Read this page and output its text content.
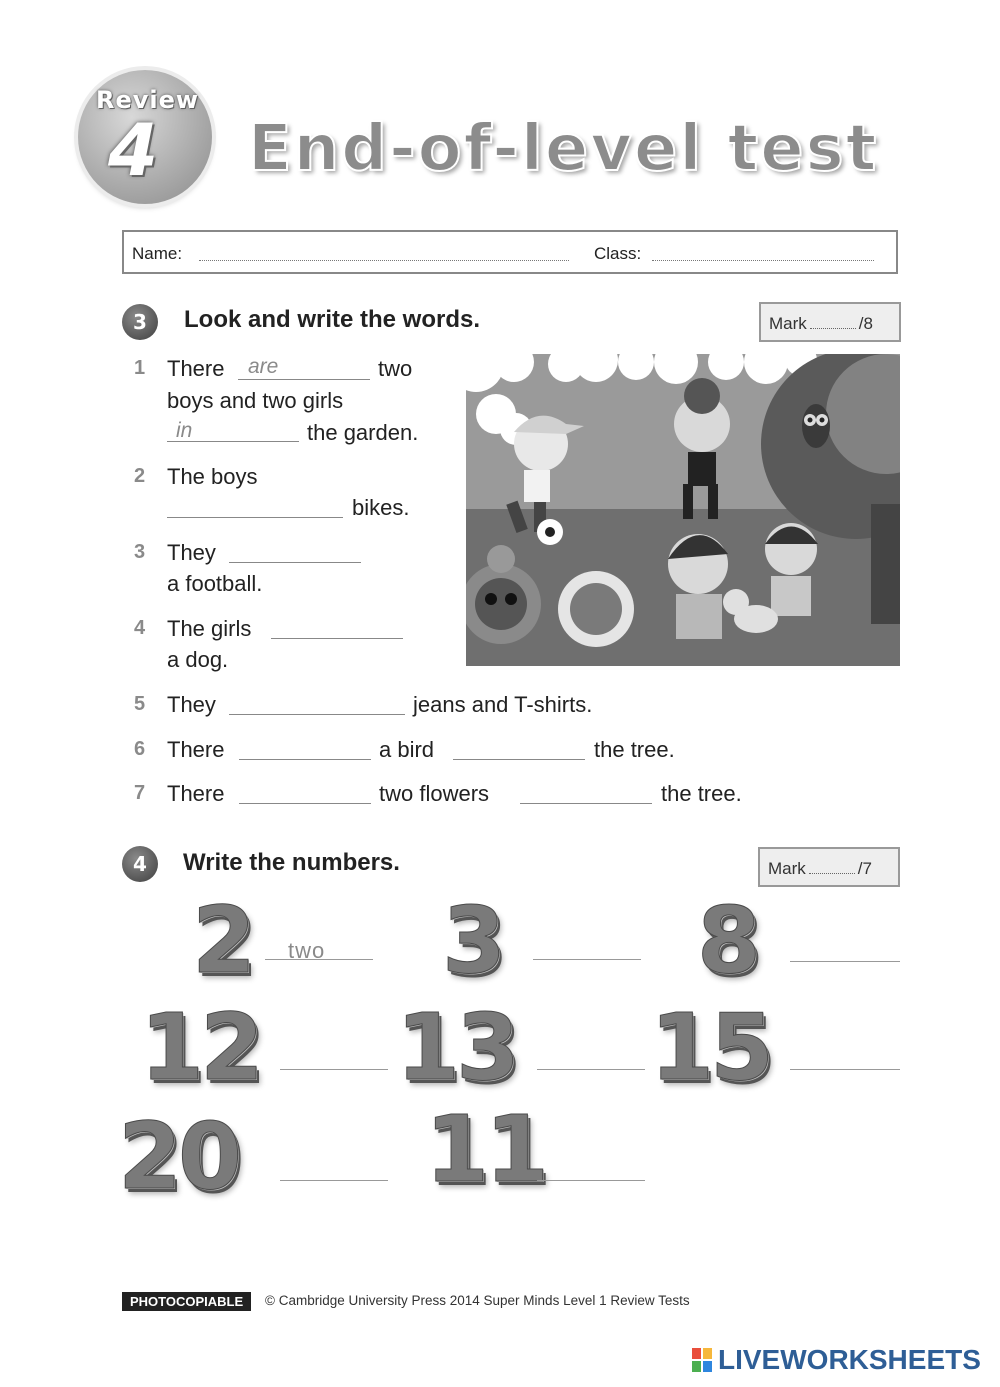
Review
4 End-of-level test
Name:	Class:
3	Look and write the words.	Mark	/8
1 There are	two
boys and two girls
in	the garden.
2 The boys
bikes.
3 They
a football.
4 The girls
a dog.
5 They	jeans and T-shirts.
6 There	a bird	the tree.
7 There	two flowers	the tree.
4	Write the numbers.	Mark	/7
2 two 3 8
12 13 15
20 11
PHOTOCOPIABLE	© Cambridge University Press 2014 Super Minds Level 1 Review Tests
LIVEWORKSHEETS
